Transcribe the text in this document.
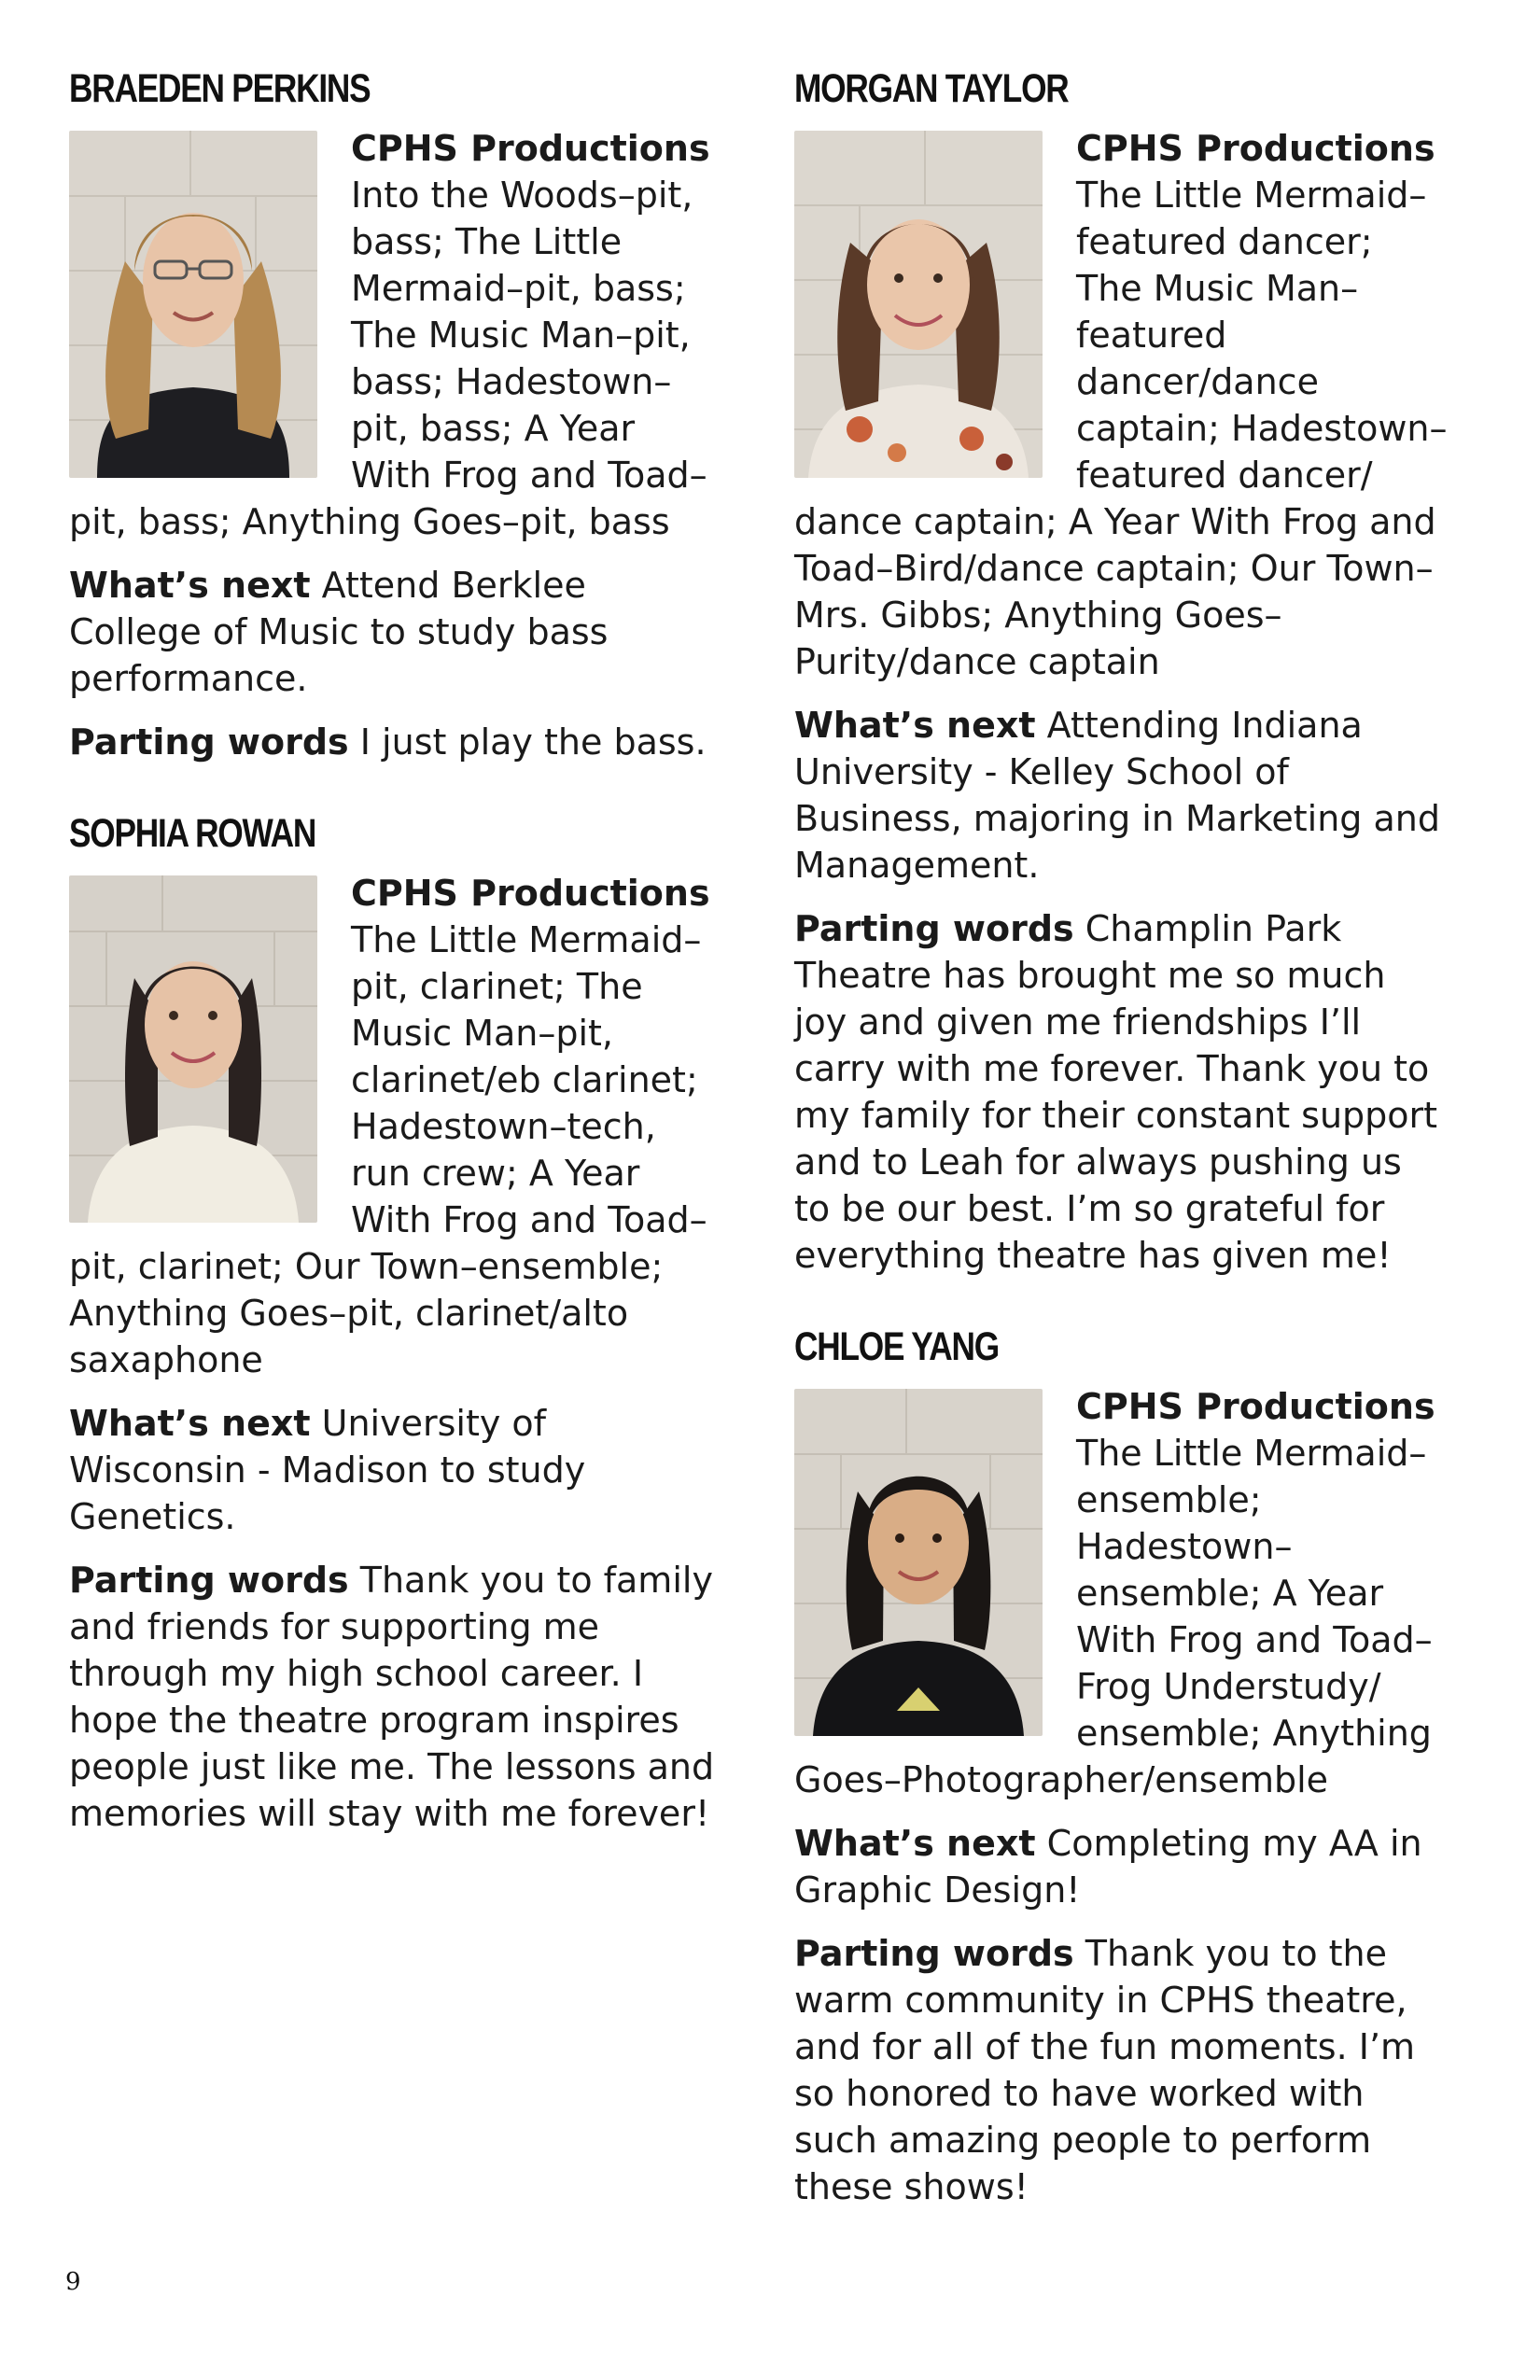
BRAEDEN PERKINS

CPHS Productions
Into the Woods–pit, bass; The Little Mermaid–pit, bass; The Music Man–pit, bass; Hadestown–pit, bass; A Year With Frog and Toad–pit, bass; Anything Goes–pit, bass

What’s next Attend Berklee College of Music to study bass performance.

Parting words I just play the bass.

SOPHIA ROWAN

CPHS Productions
The Little Mermaid–pit, clarinet; The Music Man–pit, clarinet/eb clarinet; Hadestown–tech, run crew; A Year With Frog and Toad– pit, clarinet; Our Town–ensemble; Anything Goes–pit, clarinet/alto saxaphone

What’s next University of Wisconsin - Madison to study Genetics.

Parting words Thank you to family and friends for supporting me through my high school career. I hope the theatre program inspires people just like me. The lessons and memories will stay with me forever!

MORGAN TAYLOR

CPHS Productions
The Little Mermaid–featured dancer; The Music Man–featured dancer/dance captain; Hadestown–featured dancer/ dance captain; A Year With Frog and Toad–Bird/dance captain; Our Town–Mrs. Gibbs; Anything Goes–Purity/dance captain

What’s next Attending Indiana University - Kelley School of Business, majoring in Marketing and Management.

Parting words Champlin Park Theatre has brought me so much joy and given me friendships I’ll carry with me forever. Thank you to my family for their constant support and to Leah for always pushing us to be our best. I’m so grateful for everything theatre has given me!

CHLOE YANG

CPHS Productions
The Little Mermaid–ensemble; Hadestown–ensemble; A Year With Frog and Toad–Frog Understudy/ ensemble; Anything Goes–Photographer/ensemble

What’s next Completing my AA in Graphic Design!

Parting words Thank you to the warm community in CPHS theatre, and for all of the fun moments. I’m so honored to have worked with such amazing people to perform these shows!

9
